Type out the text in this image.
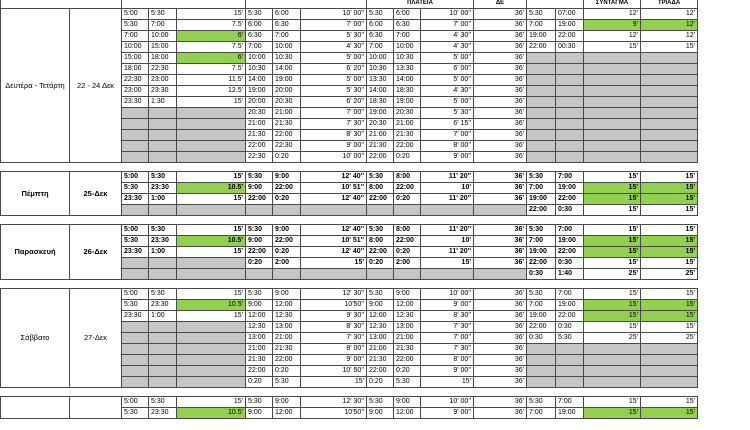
								ΠΛΑΤΕΙΑ			ΔΕ			ΣΥΝΤΑΓΜΑ	ΤΡΙΑΔΑ
Δευτέρα - Τετάρτη	22 - 24 Δεκ	5:00	5:30	15'	5:30	6:00	10' 00''	5:30	6:00	10' 00''	36'	5:30	07:00	12'	12'
		5:30	7:00	7.5'	6:00	6:30	7' 00''	6:00	6:30	7' 00''	36'	7:00	19:00	9'	12'
		7:00	10:00	6'	6:30	7:00	5' 30''	6:30	7:00	4' 30''	36'	19:00	22:00	12'	12'
		10:00	15:00	7.5'	7:00	10:00	4' 30''	7:00	10:00	4' 30''	36'	22:00	00:30	15'	15'
		15:00	18:00	6'	10:00	10:30	5' 00''	10:00	10:30	5' 00''	36'				
		18:00	22:30	7.5'	10:30	14:00	6' 20''	10:30	13:30	6' 00''	36'				
		22:30	23:00	11.5'	14:00	19:00	5' 00''	13:30	14:00	5' 00''	36'				
		23:00	23:30	12.5'	19:00	20:00	5' 30''	14:00	18:30	4' 30''	36'				
		23:30	1:30	15'	20:00	20:30	6' 20''	18:30	19:00	5' 00''	36'				
					20:30	21:00	7' 00''	19:00	20:30	5' 30''	36'				
					21:00	21:30	7' 30''	20:30	21:00	6' 15''	36'				
					21:30	22:00	8' 30''	21:00	21:30	7' 00''	36'				
					22:00	22:30	9' 00''	21:30	22:00	8' 00''	36'				
					22:30	0:20	10' 00''	22:00	0:20	9' 00''	36'				

Πέμπτη	25-Δεκ	5:00	5:30	15'	5:30	9:00	12' 40''	5:30	8:00	11' 20''	36'	5:30	7:00	15'	15'
		5:30	23:30	10.5'	9:00	22:00	10' 51''	8:00	22:00	10'	36'	7:00	19:00	15'	15'
		23:30	1:00	15'	22:00	0:20	12' 40''	22:00	0:20	11' 20''	36'	19:00	22:00	15'	15'
												22:00	0:30	15'	15'

Παρασκευή	26-Δεκ	5:00	5:30	15'	5:30	9:00	12' 40''	5:30	8:00	11' 20''	36'	5:30	7:00	15'	15'
		5:30	23:30	10.5'	9:00	22:00	10' 51''	8:00	22:00	10'	36'	7:00	19:00	15'	15'
		23:30	1:00	15'	22:00	0:20	12' 40''	22:00	0:20	11' 20''	36'	19:00	22:00	15'	15'
					0:20	2:00	15'	0:20	2:00	15'	36'	22:00	0:30	15'	15'
												0:30	1:40	25'	25'

Σάββατο	27-Δεκ	5:00	5:30	15'	5:30	9:00	12' 30''	5:30	9:00	10' 00''	36'	5:30	7:00	15'	15'
		5:30	23:30	10.5'	9:00	12:00	10'50''	9:00	12:00	9' 00''	36'	7:00	19:00	15'	15'
		23:30	1:00	15'	12:00	12:30	9' 30''	12:00	12:30	8' 30''	36'	19:00	22:00	15'	15'
					12:30	13:00	8' 30''	12:30	13:00	7' 30''	36'	22:00	0:30	15'	15'
					13:00	21:00	7' 30''	13:00	21:00	7' 00''	36'	0:30	5:30	25'	25'
					21:00	21:30	8' 00''	21:00	21:30	7' 30''	36'				
					21:30	22:00	9' 00''	21:30	22:00	8' 00''	36'				
					22:00	0:20	10' 50''	22:00	0:20	9' 00''	36'				
					0:20	5:30	15'	0:20	5:30	15'	36'				

		5:00	5:30	15'	5:30	9:00	12' 30''	5:30	9:00	10' 00''	36'	5:30	7:00	15'	15'
		5:30	23:30	10.5'	9:00	12:00	10'50''	9:00	12:00	9' 00''	36'	7:00	19:00	15'	15'
